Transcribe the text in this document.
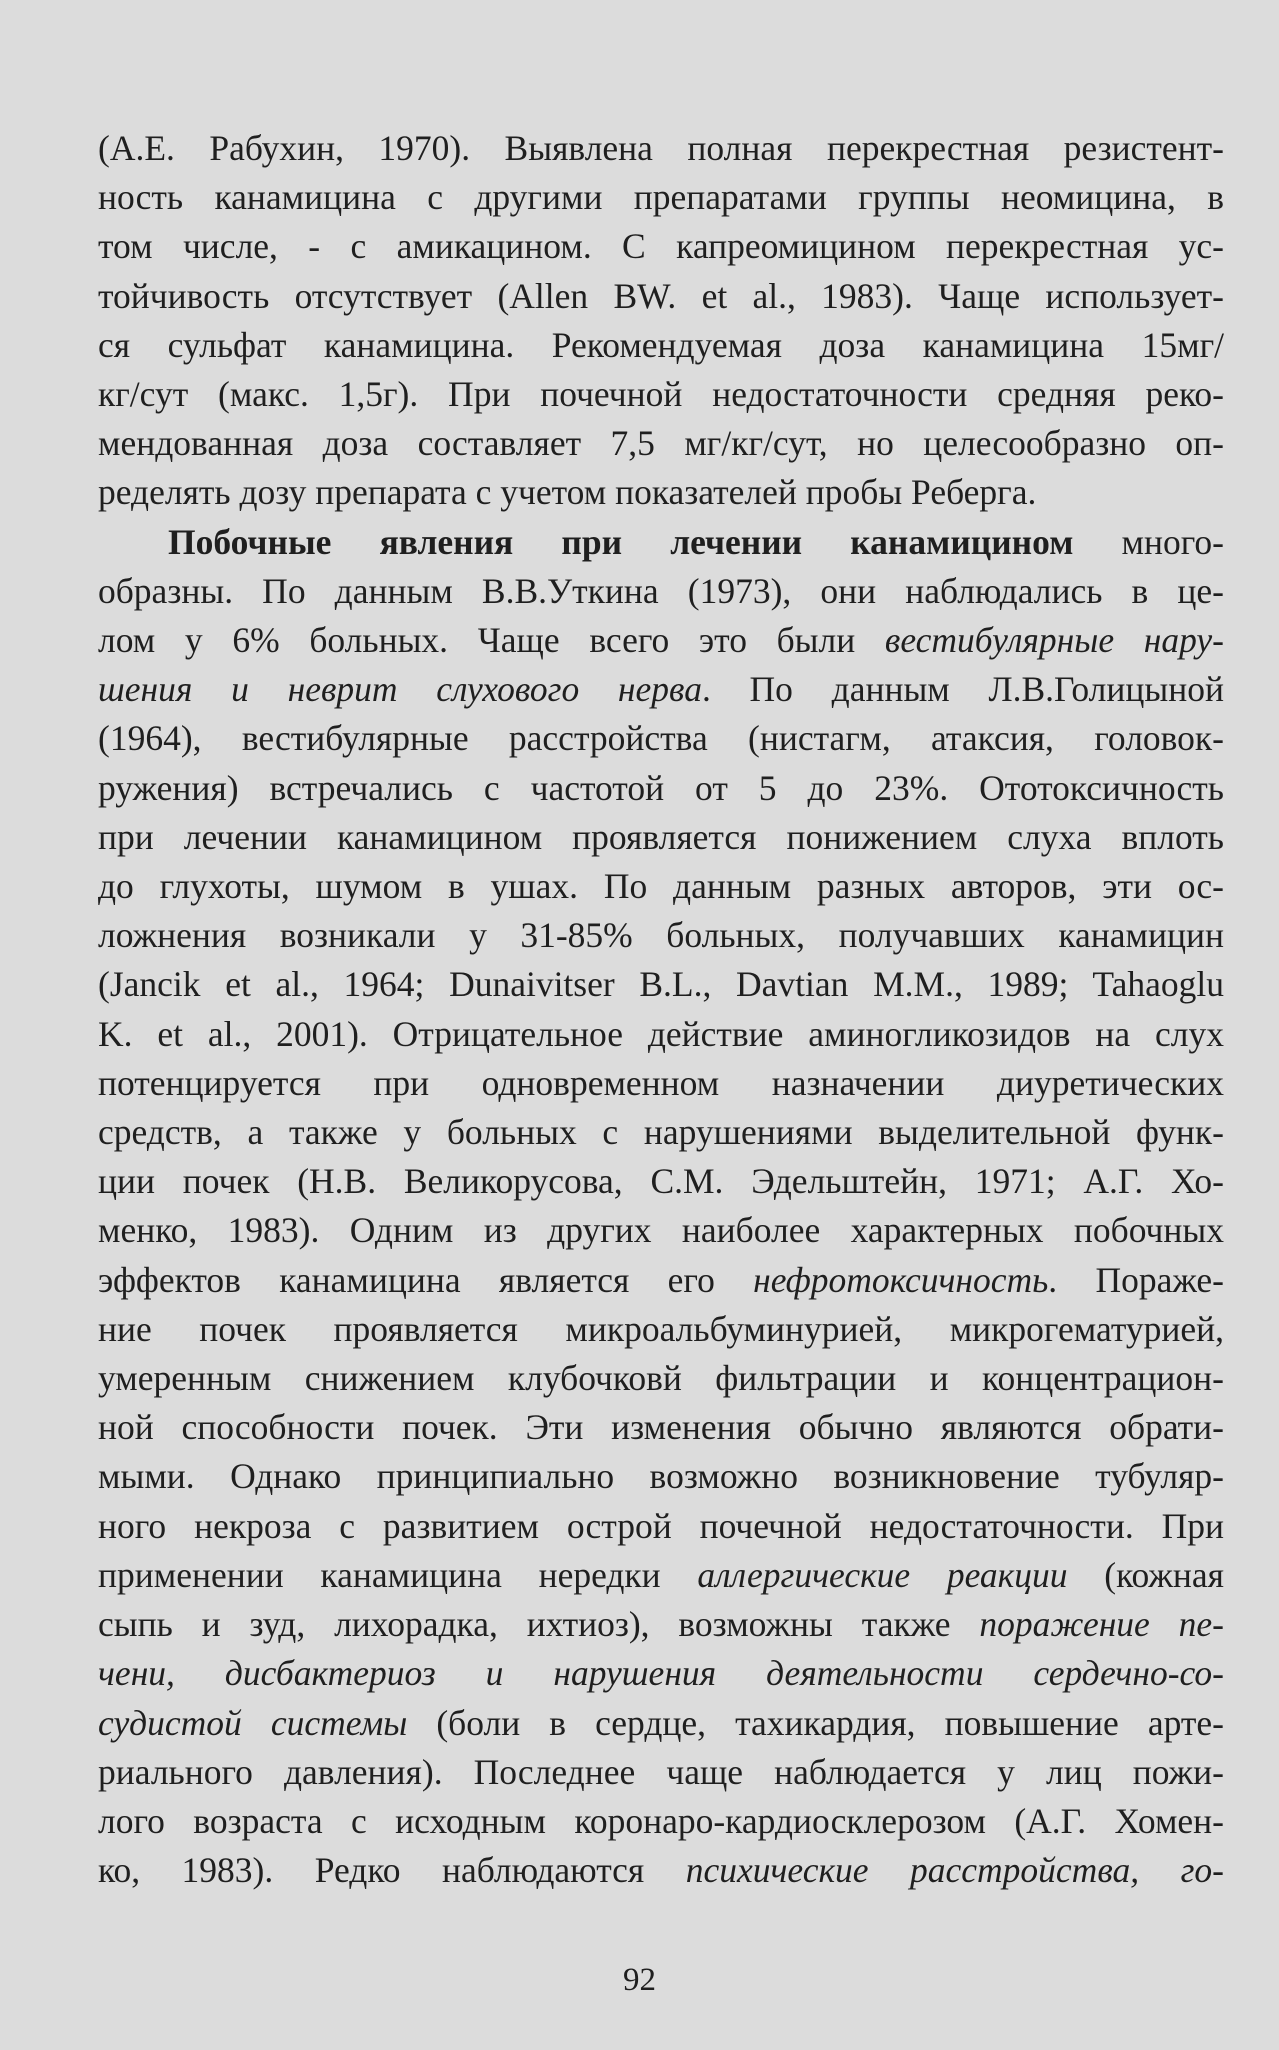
(А.Е. Рабухин, 1970). Выявлена полная перекрестная резистент-
ность канамицина с другими препаратами группы неомицина, в
том числе, - с амикацином. С капреомицином перекрестная ус-
тойчивость отсутствует (Allen BW. et al., 1983). Чаще использует-
ся сульфат канамицина. Рекомендуемая доза канамицина 15мг/
кг/сут (макс. 1,5г). При почечной недостаточности средняя реко-
мендованная доза составляет 7,5 мг/кг/сут, но целесообразно оп-
ределять дозу препарата с учетом показателей пробы Реберга.
Побочные явления при лечении канамицином много-
образны. По данным В.В.Уткина (1973), они наблюдались в це-
лом у 6% больных. Чаще всего это были вестибулярные нару-
шения и неврит слухового нерва. По данным Л.В.Голицыной
(1964), вестибулярные расстройства (нистагм, атаксия, головок-
ружения) встречались с частотой от 5 до 23%. Ототоксичность
при лечении канамицином проявляется понижением слуха вплоть
до глухоты, шумом в ушах. По данным разных авторов, эти ос-
ложнения возникали у 31-85% больных, получавших канамицин
(Jancik et al., 1964; Dunaivitser B.L., Davtian M.M., 1989; Tahaoglu
K. et al., 2001). Отрицательное действие аминогликозидов на слух
потенцируется при одновременном назначении диуретических
средств, а также у больных с нарушениями выделительной функ-
ции почек (Н.В. Великорусова, С.М. Эдельштейн, 1971; А.Г. Хо-
менко, 1983). Одним из других наиболее характерных побочных
эффектов канамицина является его нефротоксичность. Пораже-
ние почек проявляется микроальбуминурией, микрогематурией,
умеренным снижением клубочковй фильтрации и концентрацион-
ной способности почек. Эти изменения обычно являются обрати-
мыми. Однако принципиально возможно возникновение тубуляр-
ного некроза с развитием острой почечной недостаточности. При
применении канамицина нередки аллергические реакции (кожная
сыпь и зуд, лихорадка, ихтиоз), возможны также поражение пе-
чени, дисбактериоз и нарушения деятельности сердечно-со-
судистой системы (боли в сердце, тахикардия, повышение арте-
риального давления). Последнее чаще наблюдается у лиц пожи-
лого возраста с исходным коронаро-кардиосклерозом (А.Г. Хомен-
ко, 1983). Редко наблюдаются психические расстройства, го-
92
